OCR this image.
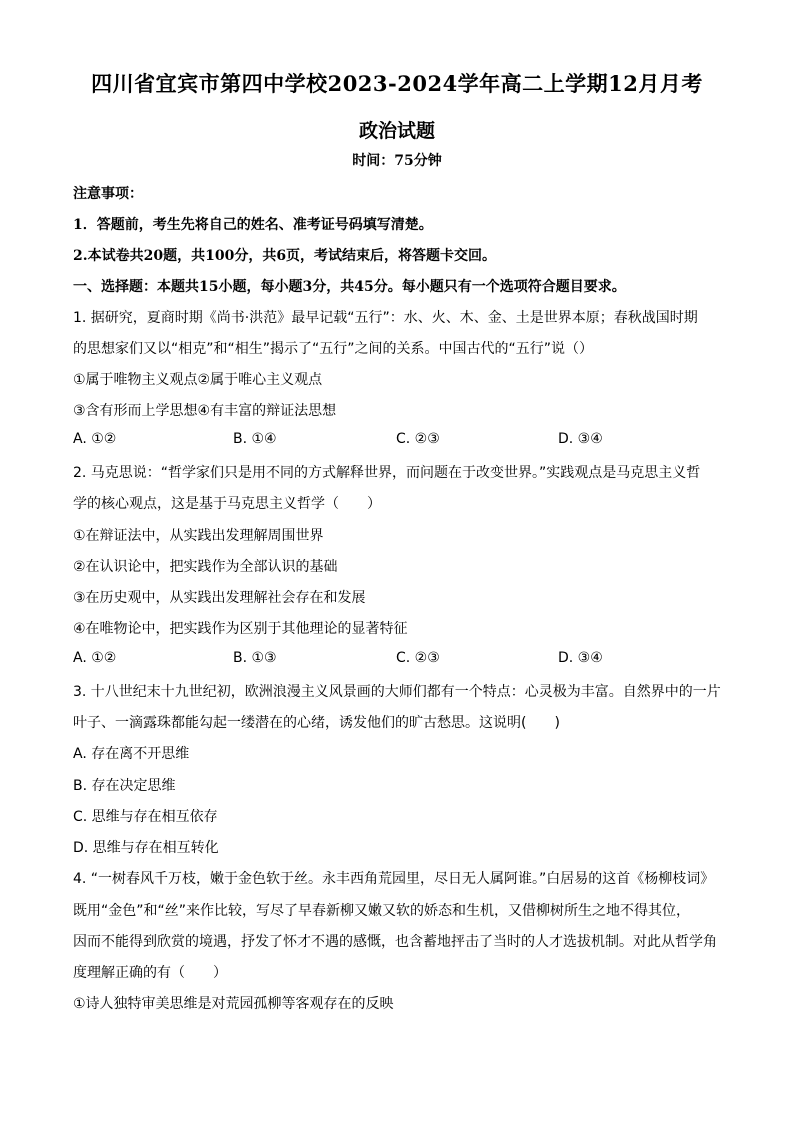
四川省宜宾市第四中学校2023-2024学年高二上学期12月月考
政治试题
时间：75分钟
注意事项：
1．答题前，考生先将自己的姓名、准考证号码填写清楚。
2.本试卷共20题，共100分，共6页，考试结束后，将答题卡交回。
一、选择题：本题共15小题，每小题3分，共45分。每小题只有一个选项符合题目要求。
1. 据研究，夏商时期《尚书·洪范》最早记载“五行”：水、火、木、金、土是世界本原；春秋战国时期
的思想家们又以“相克”和“相生”揭示了“五行”之间的关系。中国古代的“五行”说（）
①属于唯物主义观点②属于唯心主义观点
③含有形而上学思想④有丰富的辩证法思想
A. ①②	B. ①④	C. ②③	D. ③④
2. 马克思说：“哲学家们只是用不同的方式解释世界，而问题在于改变世界。”实践观点是马克思主义哲
学的核心观点，这是基于马克思主义哲学（　　）
①在辩证法中，从实践出发理解周围世界
②在认识论中，把实践作为全部认识的基础
③在历史观中，从实践出发理解社会存在和发展
④在唯物论中，把实践作为区别于其他理论的显著特征
A. ①②	B. ①③	C. ②③	D. ③④
3. 十八世纪末十九世纪初，欧洲浪漫主义风景画的大师们都有一个特点：心灵极为丰富。自然界中的一片
叶子、一滴露珠都能勾起一缕潜在的心绪，诱发他们的旷古愁思。这说明(　　)
A. 存在离不开思维
B. 存在决定思维
C. 思维与存在相互依存
D. 思维与存在相互转化
4. “一树春风千万枝，嫩于金色软于丝。永丰西角荒园里，尽日无人属阿谁。”白居易的这首《杨柳枝词》
既用“金色”和“丝”来作比较，写尽了早春新柳又嫩又软的娇态和生机，又借柳树所生之地不得其位，
因而不能得到欣赏的境遇，抒发了怀才不遇的感慨，也含蓄地抨击了当时的人才选拔机制。对此从哲学角
度理解正确的有（　　）
①诗人独特审美思维是对荒园孤柳等客观存在的反映
